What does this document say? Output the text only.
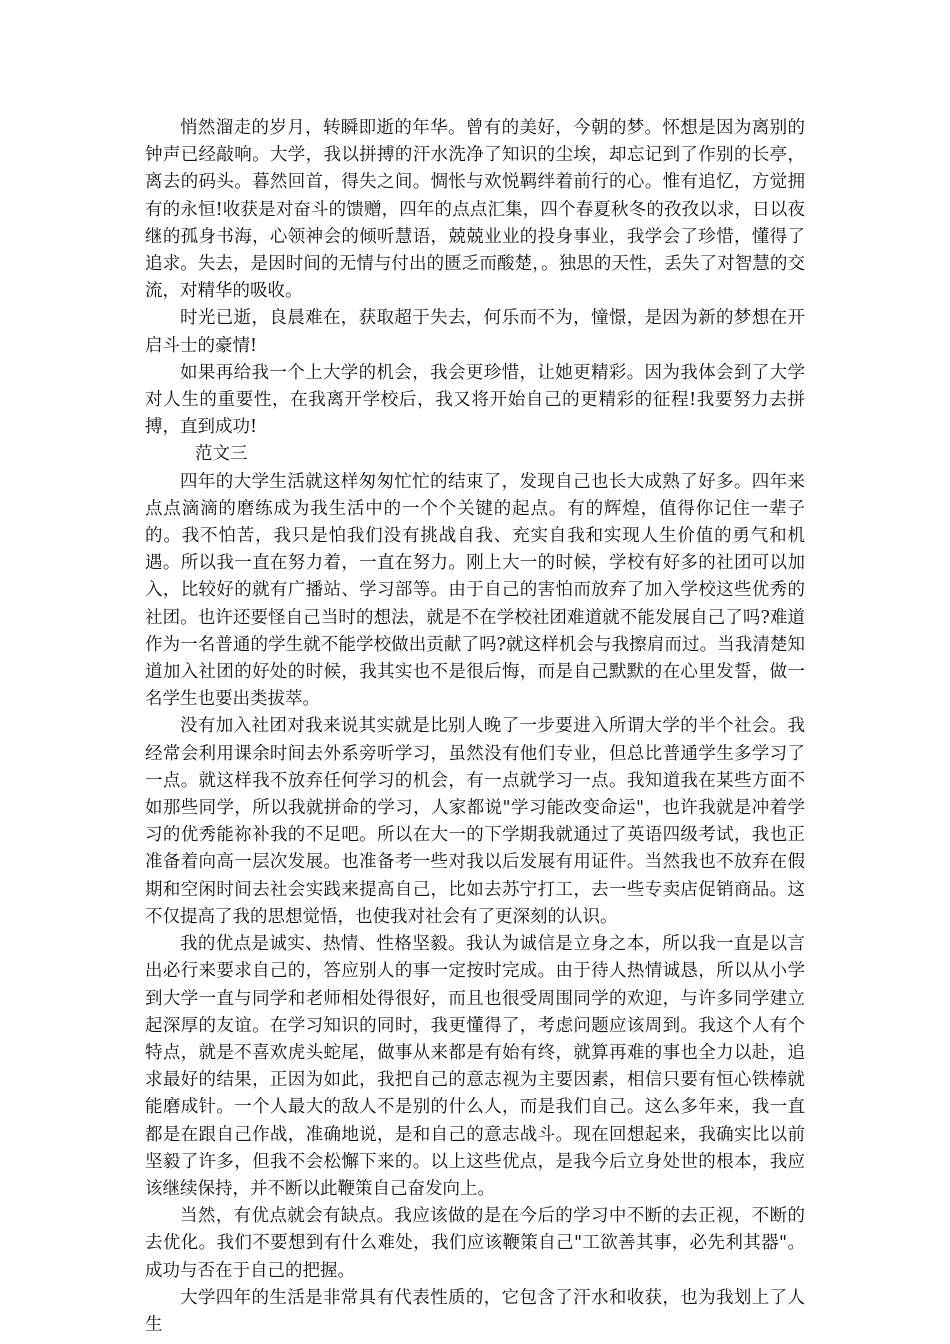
悄然溜走的岁月，转瞬即逝的年华。曾有的美好，今朝的梦。怀想是因为离别的钟声已经敲响。大学，我以拼搏的汗水洗净了知识的尘埃，却忘记到了作别的长亭，离去的码头。暮然回首，得失之间。惆怅与欢悦羁绊着前行的心。惟有追忆，方觉拥有的永恒!收获是对奋斗的馈赠，四年的点点汇集，四个春夏秋冬的孜孜以求，日以夜继的孤身书海，心领神会的倾听慧语，兢兢业业的投身事业，我学会了珍惜，懂得了追求。失去，是因时间的无情与付出的匮乏而酸楚，。独思的天性，丢失了对智慧的交流，对精华的吸收。

时光已逝，良晨难在，获取超于失去，何乐而不为，憧憬，是因为新的梦想在开启斗士的豪情!

如果再给我一个上大学的机会，我会更珍惜，让她更精彩。因为我体会到了大学对人生的重要性，在我离开学校后，我又将开始自己的更精彩的征程!我要努力去拼搏，直到成功!

范文三

四年的大学生活就这样匆匆忙忙的结束了，发现自己也长大成熟了好多。四年来点点滴滴的磨练成为我生活中的一个个关键的起点。有的辉煌，值得你记住一辈子的。我不怕苦，我只是怕我们没有挑战自我、充实自我和实现人生价值的勇气和机遇。所以我一直在努力着，一直在努力。刚上大一的时候，学校有好多的社团可以加入，比较好的就有广播站、学习部等。由于自己的害怕而放弃了加入学校这些优秀的社团。也许还要怪自己当时的想法，就是不在学校社团难道就不能发展自己了吗?难道作为一名普通的学生就不能学校做出贡献了吗?就这样机会与我擦肩而过。当我清楚知道加入社团的好处的时候，我其实也不是很后悔，而是自己默默的在心里发誓，做一名学生也要出类拔萃。

没有加入社团对我来说其实就是比别人晚了一步要进入所谓大学的半个社会。我经常会利用课余时间去外系旁听学习，虽然没有他们专业，但总比普通学生多学习了一点。就这样我不放弃任何学习的机会，有一点就学习一点。我知道我在某些方面不如那些同学，所以我就拼命的学习，人家都说"学习能改变命运"，也许我就是冲着学习的优秀能祢补我的不足吧。所以在大一的下学期我就通过了英语四级考试，我也正准备着向高一层次发展。也准备考一些对我以后发展有用证件。当然我也不放弃在假期和空闲时间去社会实践来提高自己，比如去苏宁打工，去一些专卖店促销商品。这不仅提高了我的思想觉悟，也使我对社会有了更深刻的认识。

我的优点是诚实、热情、性格坚毅。我认为诚信是立身之本，所以我一直是以言出必行来要求自己的，答应别人的事一定按时完成。由于待人热情诚恳，所以从小学到大学一直与同学和老师相处得很好，而且也很受周围同学的欢迎，与许多同学建立起深厚的友谊。在学习知识的同时，我更懂得了，考虑问题应该周到。我这个人有个特点，就是不喜欢虎头蛇尾，做事从来都是有始有终，就算再难的事也全力以赴，追求最好的结果，正因为如此，我把自己的意志视为主要因素，相信只要有恒心铁棒就能磨成针。一个人最大的敌人不是别的什么人，而是我们自己。这么多年来，我一直都是在跟自己作战，准确地说，是和自己的意志战斗。现在回想起来，我确实比以前坚毅了许多，但我不会松懈下来的。以上这些优点，是我今后立身处世的根本，我应该继续保持，并不断以此鞭策自己奋发向上。

当然，有优点就会有缺点。我应该做的是在今后的学习中不断的去正视，不断的去优化。我们不要想到有什么难处，我们应该鞭策自己"工欲善其事，必先利其器"。成功与否在于自己的把握。

大学四年的生活是非常具有代表性质的，它包含了汗水和收获，也为我划上了人生
